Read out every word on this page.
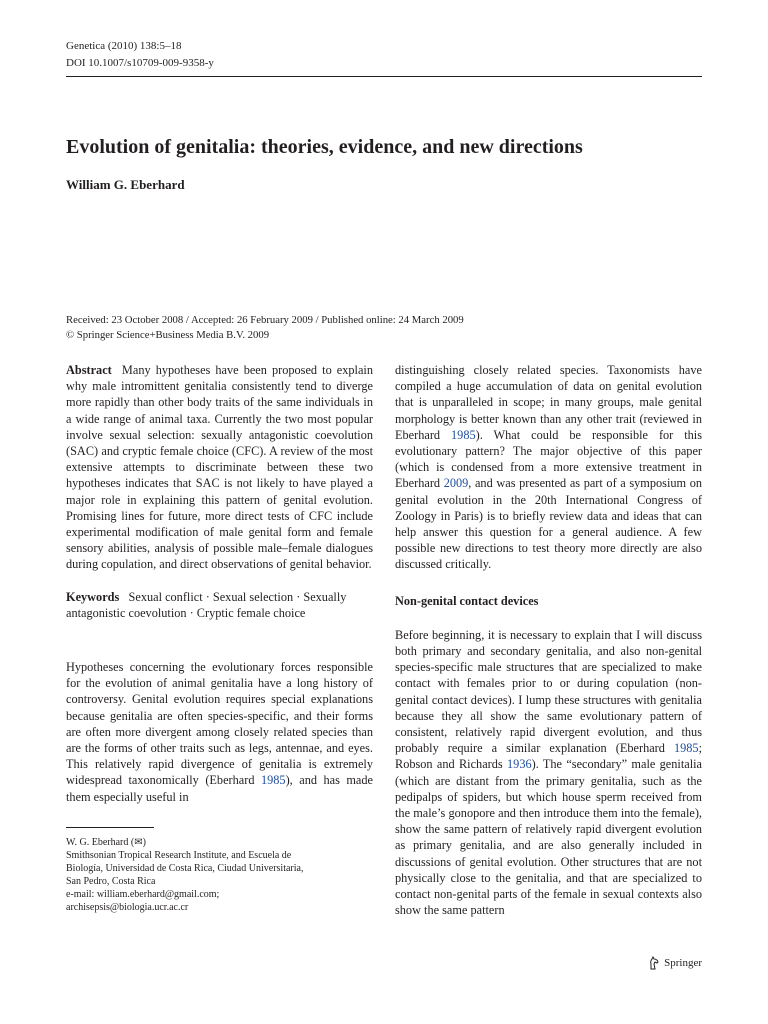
Genetica (2010) 138:5–18
DOI 10.1007/s10709-009-9358-y
Evolution of genitalia: theories, evidence, and new directions
William G. Eberhard
Received: 23 October 2008 / Accepted: 26 February 2009 / Published online: 24 March 2009
© Springer Science+Business Media B.V. 2009

Abstract Many hypotheses have been proposed to explain why male intromittent genitalia consistently tend to diverge more rapidly than other body traits of the same individuals in a wide range of animal taxa. Currently the two most popular involve sexual selection: sexually antagonistic coevolution (SAC) and cryptic female choice (CFC). A review of the most extensive attempts to discriminate between these two hypotheses indicates that SAC is not likely to have played a major role in explaining this pattern of genital evolution. Promising lines for future, more direct tests of CFC include experimental modification of male genital form and female sensory abilities, analysis of possible male–female dialogues during copulation, and direct observations of genital behavior.

Keywords Sexual conflict · Sexual selection · Sexually antagonistic coevolution · Cryptic female choice

Hypotheses concerning the evolutionary forces responsible for the evolution of animal genitalia have a long history of controversy. Genital evolution requires special explanations because genitalia are often species-specific, and their forms are often more divergent among closely related species than are the forms of other traits such as legs, antennae, and eyes. This relatively rapid divergence of genitalia is extremely widespread taxonomically (Eberhard 1985), and has made them especially useful in

W. G. Eberhard (✉)
Smithsonian Tropical Research Institute, and Escuela de
Biología, Universidad de Costa Rica, Ciudad Universitaria,
San Pedro, Costa Rica
e-mail: william.eberhard@gmail.com;
archisepsis@biologia.ucr.ac.cr

distinguishing closely related species. Taxonomists have compiled a huge accumulation of data on genital evolution that is unparalleled in scope; in many groups, male genital morphology is better known than any other trait (reviewed in Eberhard 1985). What could be responsible for this evolutionary pattern? The major objective of this paper (which is condensed from a more extensive treatment in Eberhard 2009, and was presented as part of a symposium on genital evolution in the 20th International Congress of Zoology in Paris) is to briefly review data and ideas that can help answer this question for a general audience. A few possible new directions to test theory more directly are also discussed critically.

Non-genital contact devices

Before beginning, it is necessary to explain that I will discuss both primary and secondary genitalia, and also non-genital species-specific male structures that are specialized to make contact with females prior to or during copulation (non-genital contact devices). I lump these structures with genitalia because they all show the same evolutionary pattern of consistent, relatively rapid divergent evolution, and thus probably require a similar explanation (Eberhard 1985; Robson and Richards 1936). The “secondary” male genitalia (which are distant from the primary genitalia, such as the pedipalps of spiders, but which house sperm received from the male’s gonopore and then introduce them into the female), show the same pattern of relatively rapid divergent evolution as primary genitalia, and are also generally included in discussions of genital evolution. Other structures that are not physically close to the genitalia, and that are specialized to contact non-genital parts of the female in sexual contexts also show the same pattern

Springer
